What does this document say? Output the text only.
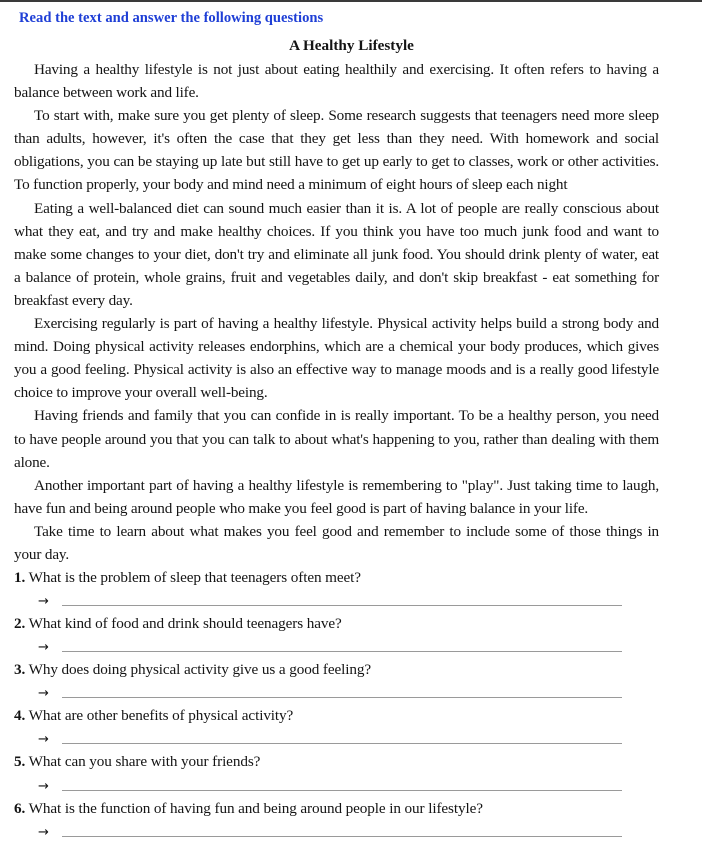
Read the text and answer the following questions
A Healthy Lifestyle

Having a healthy lifestyle is not just about eating healthily and exercising. It often refers to having a balance between work and life.

To start with, make sure you get plenty of sleep. Some research suggests that teenagers need more sleep than adults, however, it's often the case that they get less than they need. With homework and social obligations, you can be staying up late but still have to get up early to get to classes, work or other activities. To function properly, your body and mind need a minimum of eight hours of sleep each night

Eating a well-balanced diet can sound much easier than it is. A lot of people are really conscious about what they eat, and try and make healthy choices. If you think you have too much junk food and want to make some changes to your diet, don't try and eliminate all junk food. You should drink plenty of water, eat a balance of protein, whole grains, fruit and vegetables daily, and don't skip breakfast - eat something for breakfast every day.

Exercising regularly is part of having a healthy lifestyle. Physical activity helps build a strong body and mind. Doing physical activity releases endorphins, which are a chemical your body produces, which gives you a good feeling. Physical activity is also an effective way to manage moods and is a really good lifestyle choice to improve your overall well-being.

Having friends and family that you can confide in is really important. To be a healthy person, you need to have people around you that you can talk to about what's happening to you, rather than dealing with them alone.

Another important part of having a healthy lifestyle is remembering to "play". Just taking time to laugh, have fun and being around people who make you feel good is part of having balance in your life.

Take time to learn about what makes you feel good and remember to include some of those things in your day.

1. What is the problem of sleep that teenagers often meet?
→
2. What kind of food and drink should teenagers have?
→
3. Why does doing physical activity give us a good feeling?
→
4. What are other benefits of physical activity?
→
5. What can you share with your friends?
→
6. What is the function of having fun and being around people in our lifestyle?
→
